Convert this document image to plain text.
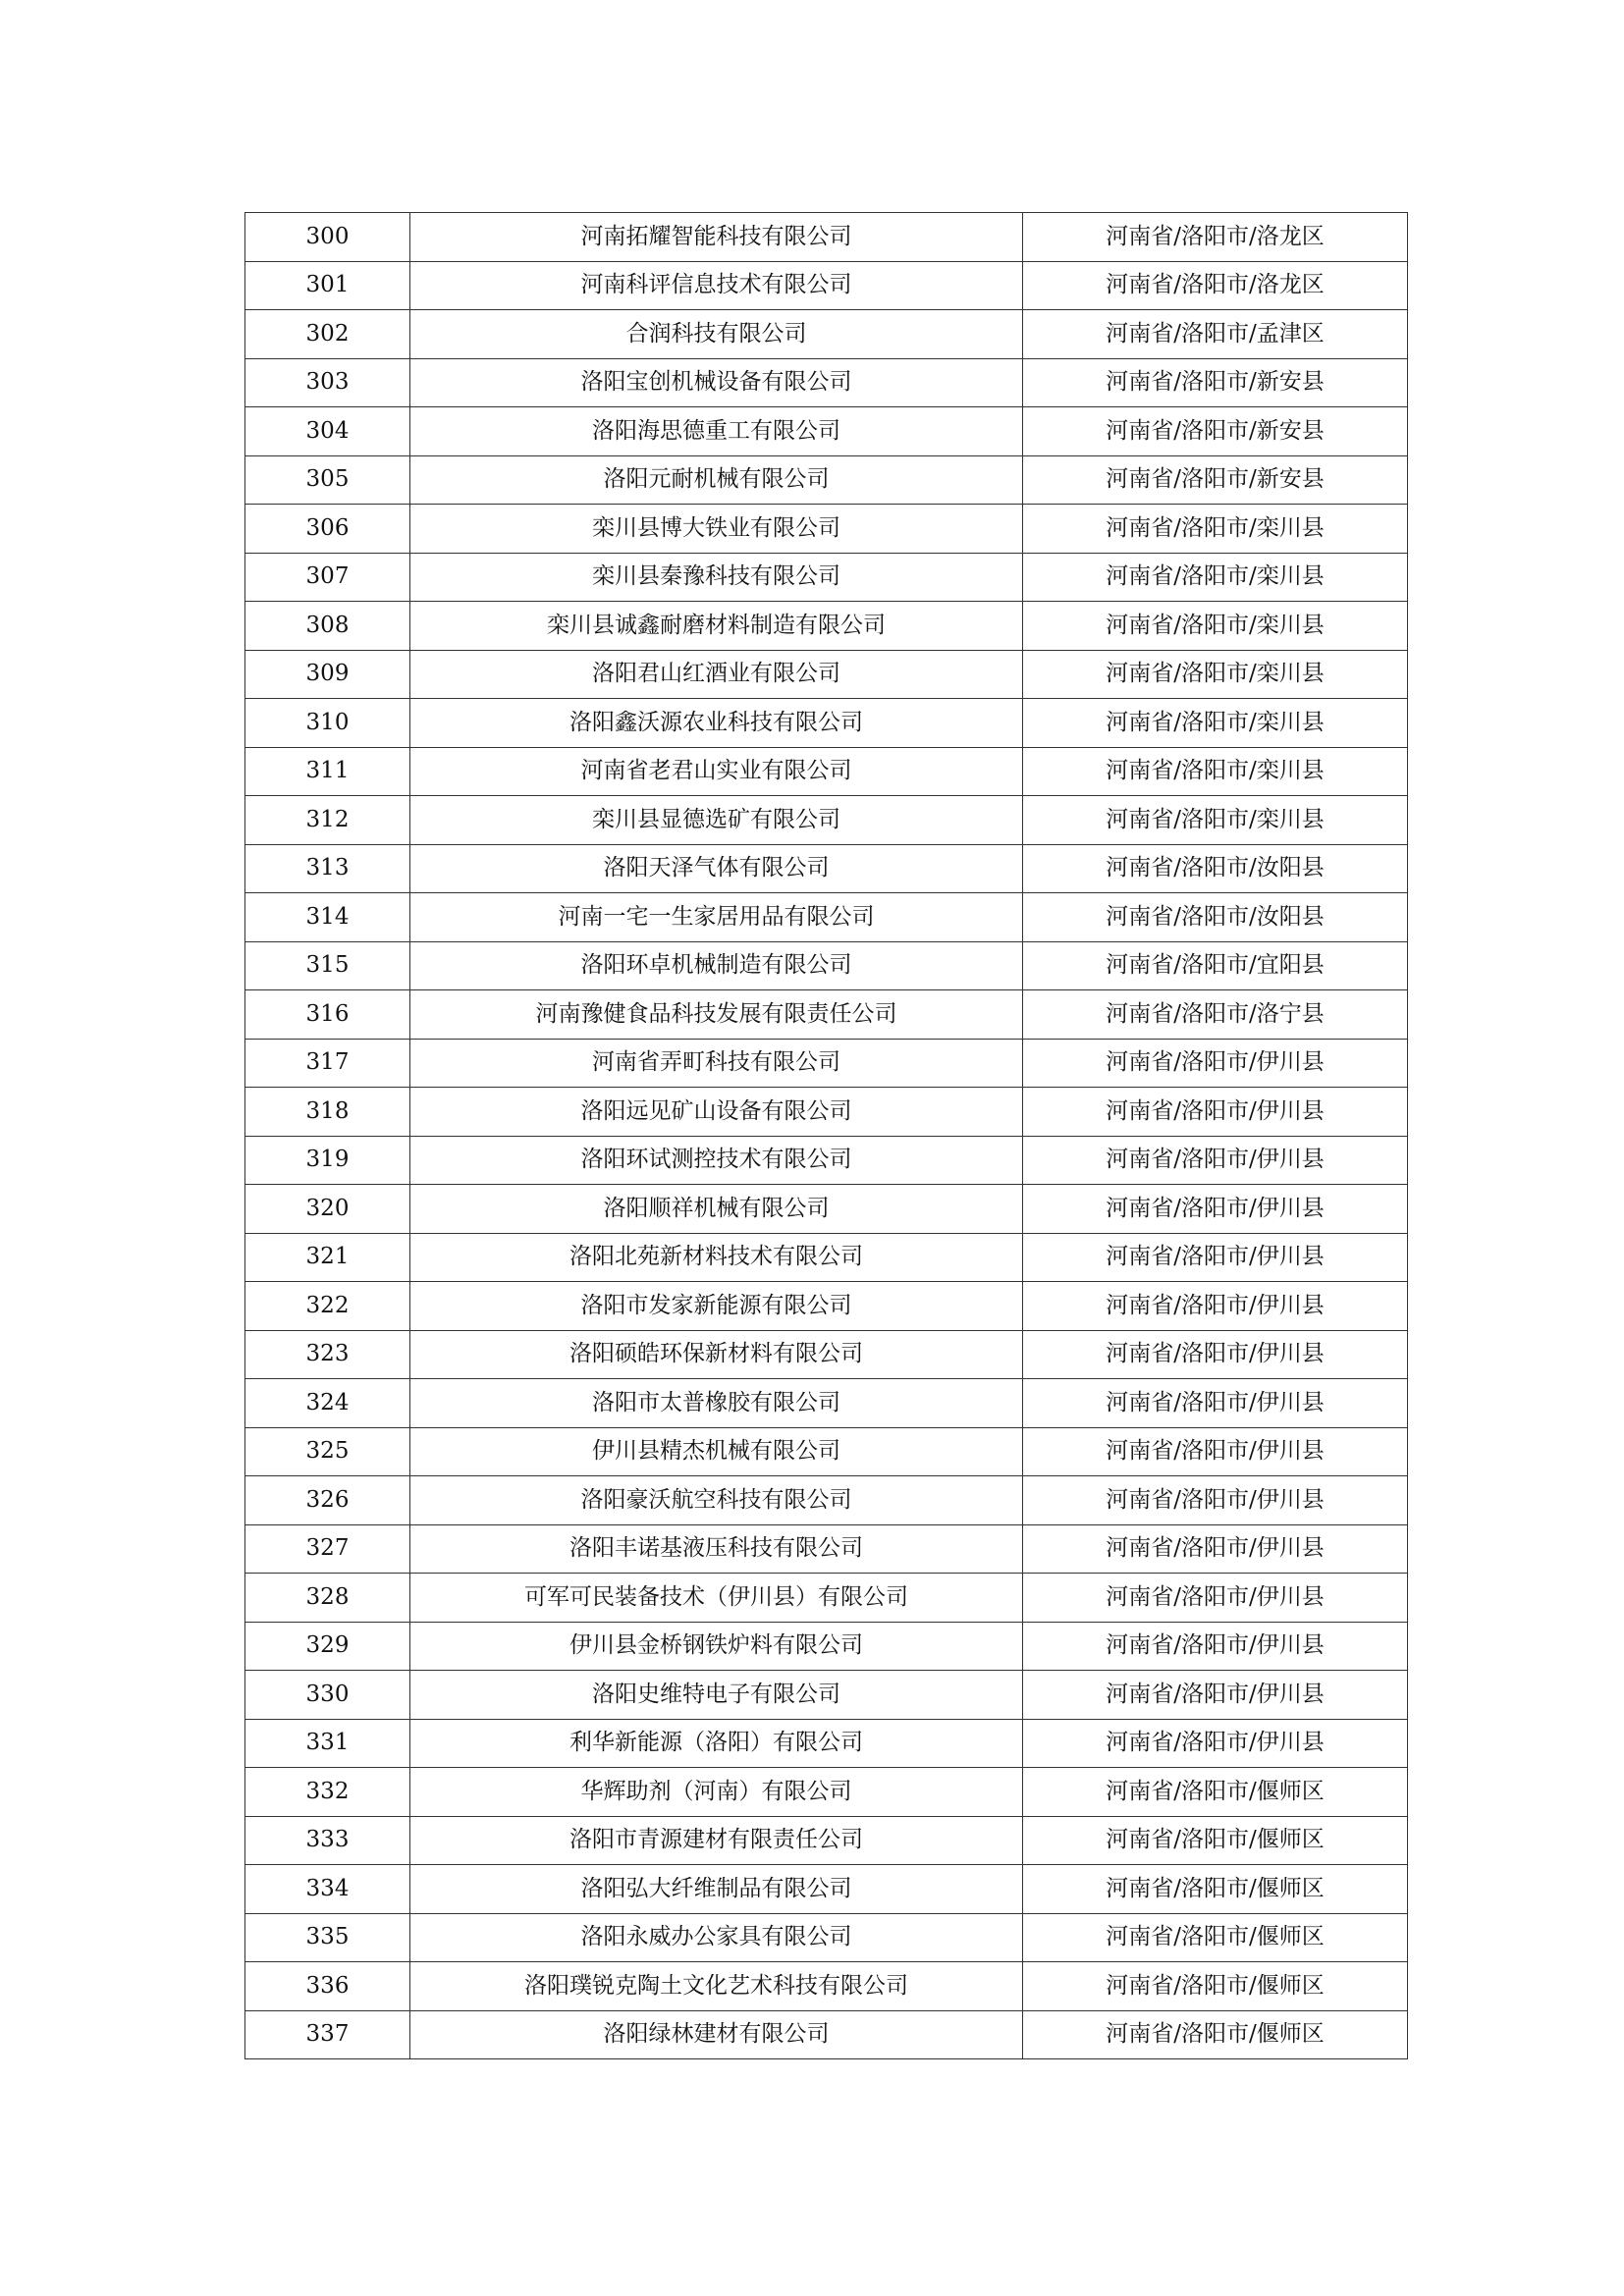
300	河南拓耀智能科技有限公司	河南省/洛阳市/洛龙区
301	河南科评信息技术有限公司	河南省/洛阳市/洛龙区
302	合润科技有限公司	河南省/洛阳市/孟津区
303	洛阳宝创机械设备有限公司	河南省/洛阳市/新安县
304	洛阳海思德重工有限公司	河南省/洛阳市/新安县
305	洛阳元耐机械有限公司	河南省/洛阳市/新安县
306	栾川县博大铁业有限公司	河南省/洛阳市/栾川县
307	栾川县秦豫科技有限公司	河南省/洛阳市/栾川县
308	栾川县诚鑫耐磨材料制造有限公司	河南省/洛阳市/栾川县
309	洛阳君山红酒业有限公司	河南省/洛阳市/栾川县
310	洛阳鑫沃源农业科技有限公司	河南省/洛阳市/栾川县
311	河南省老君山实业有限公司	河南省/洛阳市/栾川县
312	栾川县显德选矿有限公司	河南省/洛阳市/栾川县
313	洛阳天泽气体有限公司	河南省/洛阳市/汝阳县
314	河南一宅一生家居用品有限公司	河南省/洛阳市/汝阳县
315	洛阳环卓机械制造有限公司	河南省/洛阳市/宜阳县
316	河南豫健食品科技发展有限责任公司	河南省/洛阳市/洛宁县
317	河南省弄町科技有限公司	河南省/洛阳市/伊川县
318	洛阳远见矿山设备有限公司	河南省/洛阳市/伊川县
319	洛阳环试测控技术有限公司	河南省/洛阳市/伊川县
320	洛阳顺祥机械有限公司	河南省/洛阳市/伊川县
321	洛阳北苑新材料技术有限公司	河南省/洛阳市/伊川县
322	洛阳市发家新能源有限公司	河南省/洛阳市/伊川县
323	洛阳硕皓环保新材料有限公司	河南省/洛阳市/伊川县
324	洛阳市太普橡胶有限公司	河南省/洛阳市/伊川县
325	伊川县精杰机械有限公司	河南省/洛阳市/伊川县
326	洛阳豪沃航空科技有限公司	河南省/洛阳市/伊川县
327	洛阳丰诺基液压科技有限公司	河南省/洛阳市/伊川县
328	可军可民装备技术（伊川县）有限公司	河南省/洛阳市/伊川县
329	伊川县金桥钢铁炉料有限公司	河南省/洛阳市/伊川县
330	洛阳史维特电子有限公司	河南省/洛阳市/伊川县
331	利华新能源（洛阳）有限公司	河南省/洛阳市/伊川县
332	华辉助剂（河南）有限公司	河南省/洛阳市/偃师区
333	洛阳市青源建材有限责任公司	河南省/洛阳市/偃师区
334	洛阳弘大纤维制品有限公司	河南省/洛阳市/偃师区
335	洛阳永威办公家具有限公司	河南省/洛阳市/偃师区
336	洛阳璞锐克陶土文化艺术科技有限公司	河南省/洛阳市/偃师区
337	洛阳绿林建材有限公司	河南省/洛阳市/偃师区
